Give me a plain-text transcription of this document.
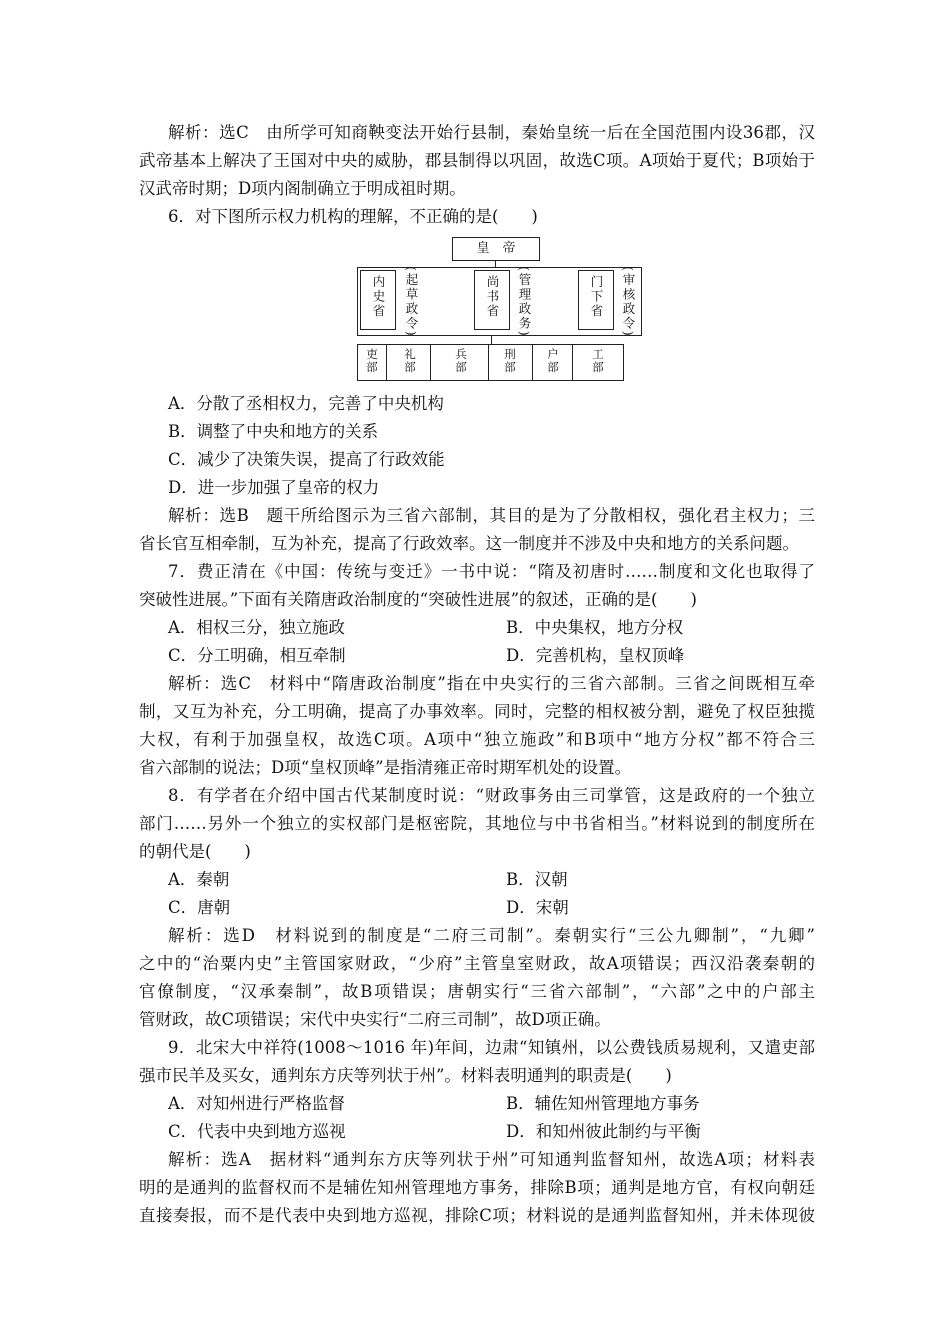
解析：选C　由所学可知商鞅变法开始行县制，秦始皇统一后在全国范围内设36郡，汉
武帝基本上解决了王国对中央的威胁，郡县制得以巩固，故选C项。A项始于夏代；B项始于
汉武帝时期；D项内阁制确立于明成祖时期。
6．对下图所示权力机构的理解，不正确的是(　　)
皇　帝
内史省 (起草政令)	尚书省 (管理政务)	门下省 (审核政令)
吏部
礼部
兵部
刑部
户部
工部
A．分散了丞相权力，完善了中央机构
B．调整了中央和地方的关系
C．减少了决策失误，提高了行政效能
D．进一步加强了皇帝的权力
解析：选B　题干所给图示为三省六部制，其目的是为了分散相权，强化君主权力；三
省长官互相牵制，互为补充，提高了行政效率。这一制度并不涉及中央和地方的关系问题。
7．费正清在《中国：传统与变迁》一书中说：“隋及初唐时……制度和文化也取得了
突破性进展。”下面有关隋唐政治制度的“突破性进展”的叙述，正确的是(　　)
A．相权三分，独立施政	B．中央集权，地方分权
C．分工明确，相互牵制	D．完善机构，皇权顶峰
解析：选C　材料中“隋唐政治制度”指在中央实行的三省六部制。三省之间既相互牵
制，又互为补充，分工明确，提高了办事效率。同时，完整的相权被分割，避免了权臣独揽
大权，有利于加强皇权，故选C项。A项中“独立施政”和B项中“地方分权”都不符合三
省六部制的说法；D项“皇权顶峰”是指清雍正帝时期军机处的设置。
8．有学者在介绍中国古代某制度时说：“财政事务由三司掌管，这是政府的一个独立
部门……另外一个独立的实权部门是枢密院，其地位与中书省相当。”材料说到的制度所在
的朝代是(　　)
A．秦朝	B．汉朝
C．唐朝	D．宋朝
解析：选D　材料说到的制度是“二府三司制”。秦朝实行“三公九卿制”，“九卿”
之中的“治粟内史”主管国家财政，“少府”主管皇室财政，故A项错误；西汉沿袭秦朝的
官僚制度，“汉承秦制”，故B项错误；唐朝实行“三省六部制”，“六部”之中的户部主
管财政，故C项错误；宋代中央实行“二府三司制”，故D项正确。
9．北宋大中祥符(1008～1016 年)年间，边肃“知镇州，以公费钱质易规利，又遣吏部
强市民羊及买女，通判东方庆等列状于州”。材料表明通判的职责是(　　)
A．对知州进行严格监督	B．辅佐知州管理地方事务
C．代表中央到地方巡视	D．和知州彼此制约与平衡
解析：选A　据材料“通判东方庆等列状于州”可知通判监督知州，故选A项；材料表
明的是通判的监督权而不是辅佐知州管理地方事务，排除B项；通判是地方官，有权向朝廷
直接奏报，而不是代表中央到地方巡视，排除C项；材料说的是通判监督知州，并未体现彼
